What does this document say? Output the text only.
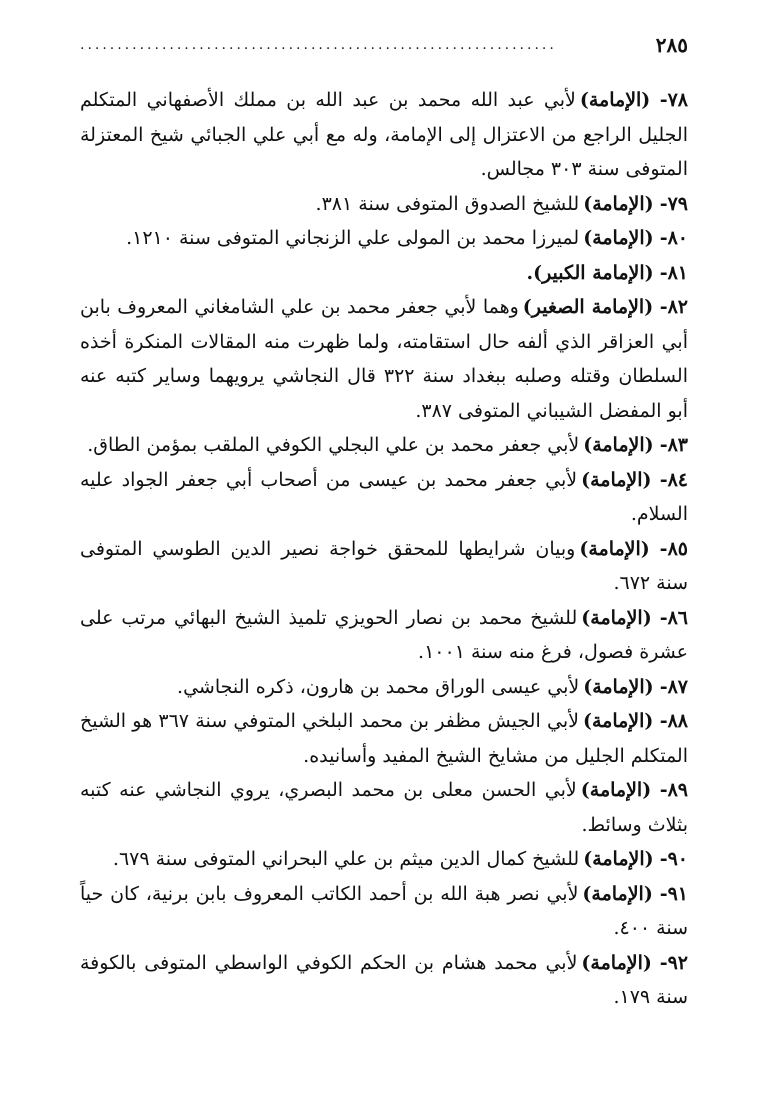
٢٨٥
................................................................

٧٨- (الإمامة)لأبي عبد الله محمد بن عبد الله بن مملك الأصفهاني المتكلم الجليل الراجع من الاعتزال إلى الإمامة، وله مع أبي علي الجبائي شيخ المعتزلة المتوفى سنة ٣٠٣ مجالس.

٧٩- (الإمامة)للشيخ الصدوق المتوفى سنة ٣٨١.

٨٠- (الإمامة)لميرزا محمد بن المولى علي الزنجاني المتوفى سنة ١٢١٠.

٨١- (الإمامة الكبير).

٨٢- (الإمامة الصغير)وهما لأبي جعفر محمد بن علي الشامغاني المعروف بابن أبي العزاقر الذي ألفه حال استقامته، ولما ظهرت منه المقالات المنكرة أخذه السلطان وقتله وصلبه ببغداد سنة ٣٢٢ قال النجاشي يرويهما وساير كتبه عنه أبو المفضل الشيباني المتوفى ٣٨٧.

٨٣- (الإمامة)لأبي جعفر محمد بن علي البجلي الكوفي الملقب بمؤمن الطاق.

٨٤- (الإمامة)لأبي جعفر محمد بن عيسى من أصحاب أبي جعفر الجواد عليه السلام.

٨٥- (الإمامة)وبيان شرايطها للمحقق خواجة نصير الدين الطوسي المتوفى سنة ٦٧٢.

٨٦- (الإمامة)للشيخ محمد بن نصار الحويزي تلميذ الشيخ البهائي مرتب على عشرة فصول، فرغ منه سنة ١٠٠١.

٨٧- (الإمامة)لأبي عيسى الوراق محمد بن هارون، ذكره النجاشي.

٨٨- (الإمامة)لأبي الجيش مظفر بن محمد البلخي المتوفي سنة ٣٦٧ هو الشيخ المتكلم الجليل من مشايخ الشيخ المفيد وأسانيده.

٨٩- (الإمامة)لأبي الحسن معلى بن محمد البصري، يروي النجاشي عنه كتبه بثلاث وسائط.

٩٠- (الإمامة)للشيخ كمال الدين ميثم بن علي البحراني المتوفى سنة ٦٧٩.

٩١- (الإمامة)لأبي نصر هبة الله بن أحمد الكاتب المعروف بابن برنية، كان حياً سنة ٤٠٠.

٩٢- (الإمامة)لأبي محمد هشام بن الحكم الكوفي الواسطي المتوفى بالكوفة سنة ١٧٩.
